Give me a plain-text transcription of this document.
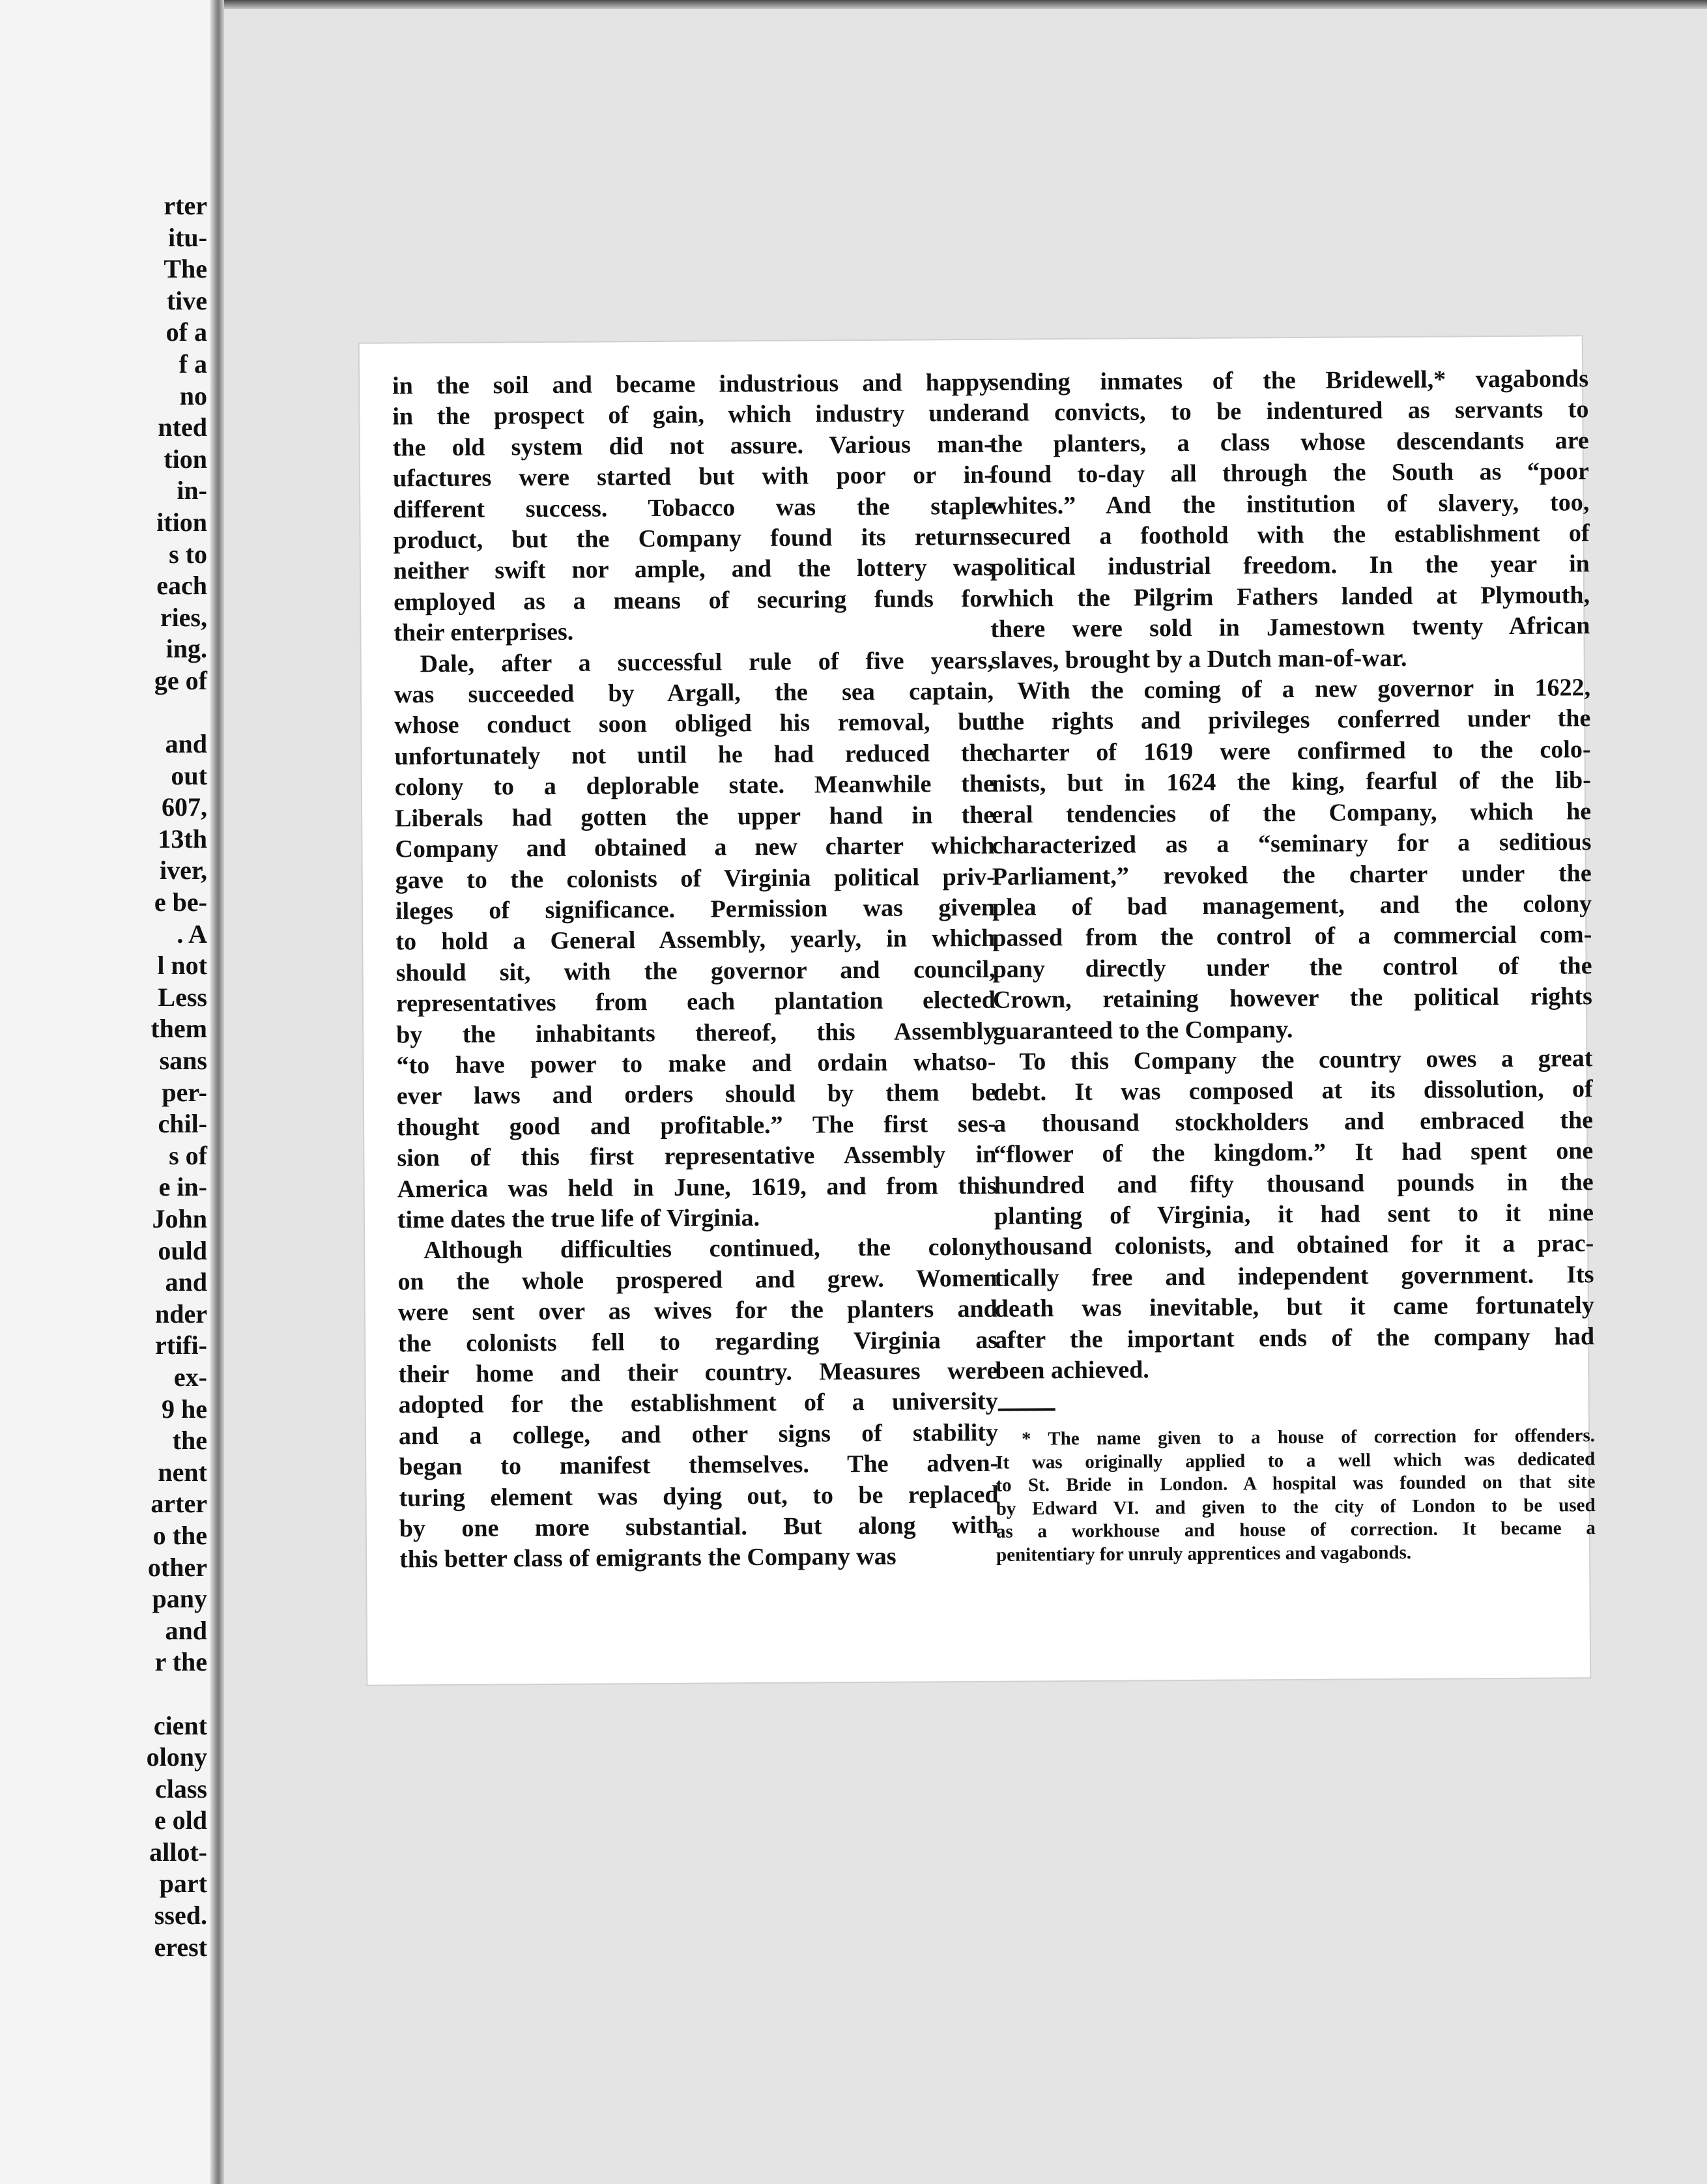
rter
itu-
The
tive
of a
f a
no
nted
tion
in-
ition
s to
each
ries,
ing.
ge of

and
out
607,
13th
iver,
e be-
. A
l not
Less
them
sans
per-
chil-
s of
e in-
John
ould
and
nder
rtifi-
ex-
9 he
the
nent
arter
o the
other
pany
and
r the

cient
olony
class
e old
allot-
part
ssed.
erest
in the soil and became industrious and happy
in the prospect of gain, which industry under
the old system did not assure. Various man-
ufactures were started but with poor or in-
different success. Tobacco was the staple
product, but the Company found its returns
neither swift nor ample, and the lottery was
employed as a means of securing funds for
their enterprises.
Dale, after a successful rule of five years,
was succeeded by Argall, the sea captain,
whose conduct soon obliged his removal, but
unfortunately not until he had reduced the
colony to a deplorable state. Meanwhile the
Liberals had gotten the upper hand in the
Company and obtained a new charter which
gave to the colonists of Virginia political priv-
ileges of significance. Permission was given
to hold a General Assembly, yearly, in which
should sit, with the governor and council,
representatives from each plantation elected
by the inhabitants thereof, this Assembly
“to have power to make and ordain whatso-
ever laws and orders should by them be
thought good and profitable.” The first ses-
sion of this first representative Assembly in
America was held in June, 1619, and from this
time dates the true life of Virginia.
Although difficulties continued, the colony
on the whole prospered and grew. Women
were sent over as wives for the planters and
the colonists fell to regarding Virginia as
their home and their country. Measures were
adopted for the establishment of a university
and a college, and other signs of stability
began to manifest themselves. The adven-
turing element was dying out, to be replaced
by one more substantial. But along with
this better class of emigrants the Company was
sending inmates of the Bridewell,* vagabonds
and convicts, to be indentured as servants to
the planters, a class whose descendants are
found to-day all through the South as “poor
whites.” And the institution of slavery, too,
secured a foothold with the establishment of
political industrial freedom. In the year in
which the Pilgrim Fathers landed at Plymouth,
there were sold in Jamestown twenty African
slaves, brought by a Dutch man-of-war.
With the coming of a new governor in 1622,
the rights and privileges conferred under the
charter of 1619 were confirmed to the colo-
nists, but in 1624 the king, fearful of the lib-
eral tendencies of the Company, which he
characterized as a “seminary for a seditious
Parliament,” revoked the charter under the
plea of bad management, and the colony
passed from the control of a commercial com-
pany directly under the control of the
Crown, retaining however the political rights
guaranteed to the Company.
To this Company the country owes a great
debt. It was composed at its dissolution, of
a thousand stockholders and embraced the
“flower of the kingdom.” It had spent one
hundred and fifty thousand pounds in the
planting of Virginia, it had sent to it nine
thousand colonists, and obtained for it a prac-
tically free and independent government. Its
death was inevitable, but it came fortunately
after the important ends of the company had
been achieved.
* The name given to a house of correction for offenders.
It was originally applied to a well which was dedicated
to St. Bride in London. A hospital was founded on that site
by Edward VI. and given to the city of London to be used
as a workhouse and house of correction. It became a
penitentiary for unruly apprentices and vagabonds.
